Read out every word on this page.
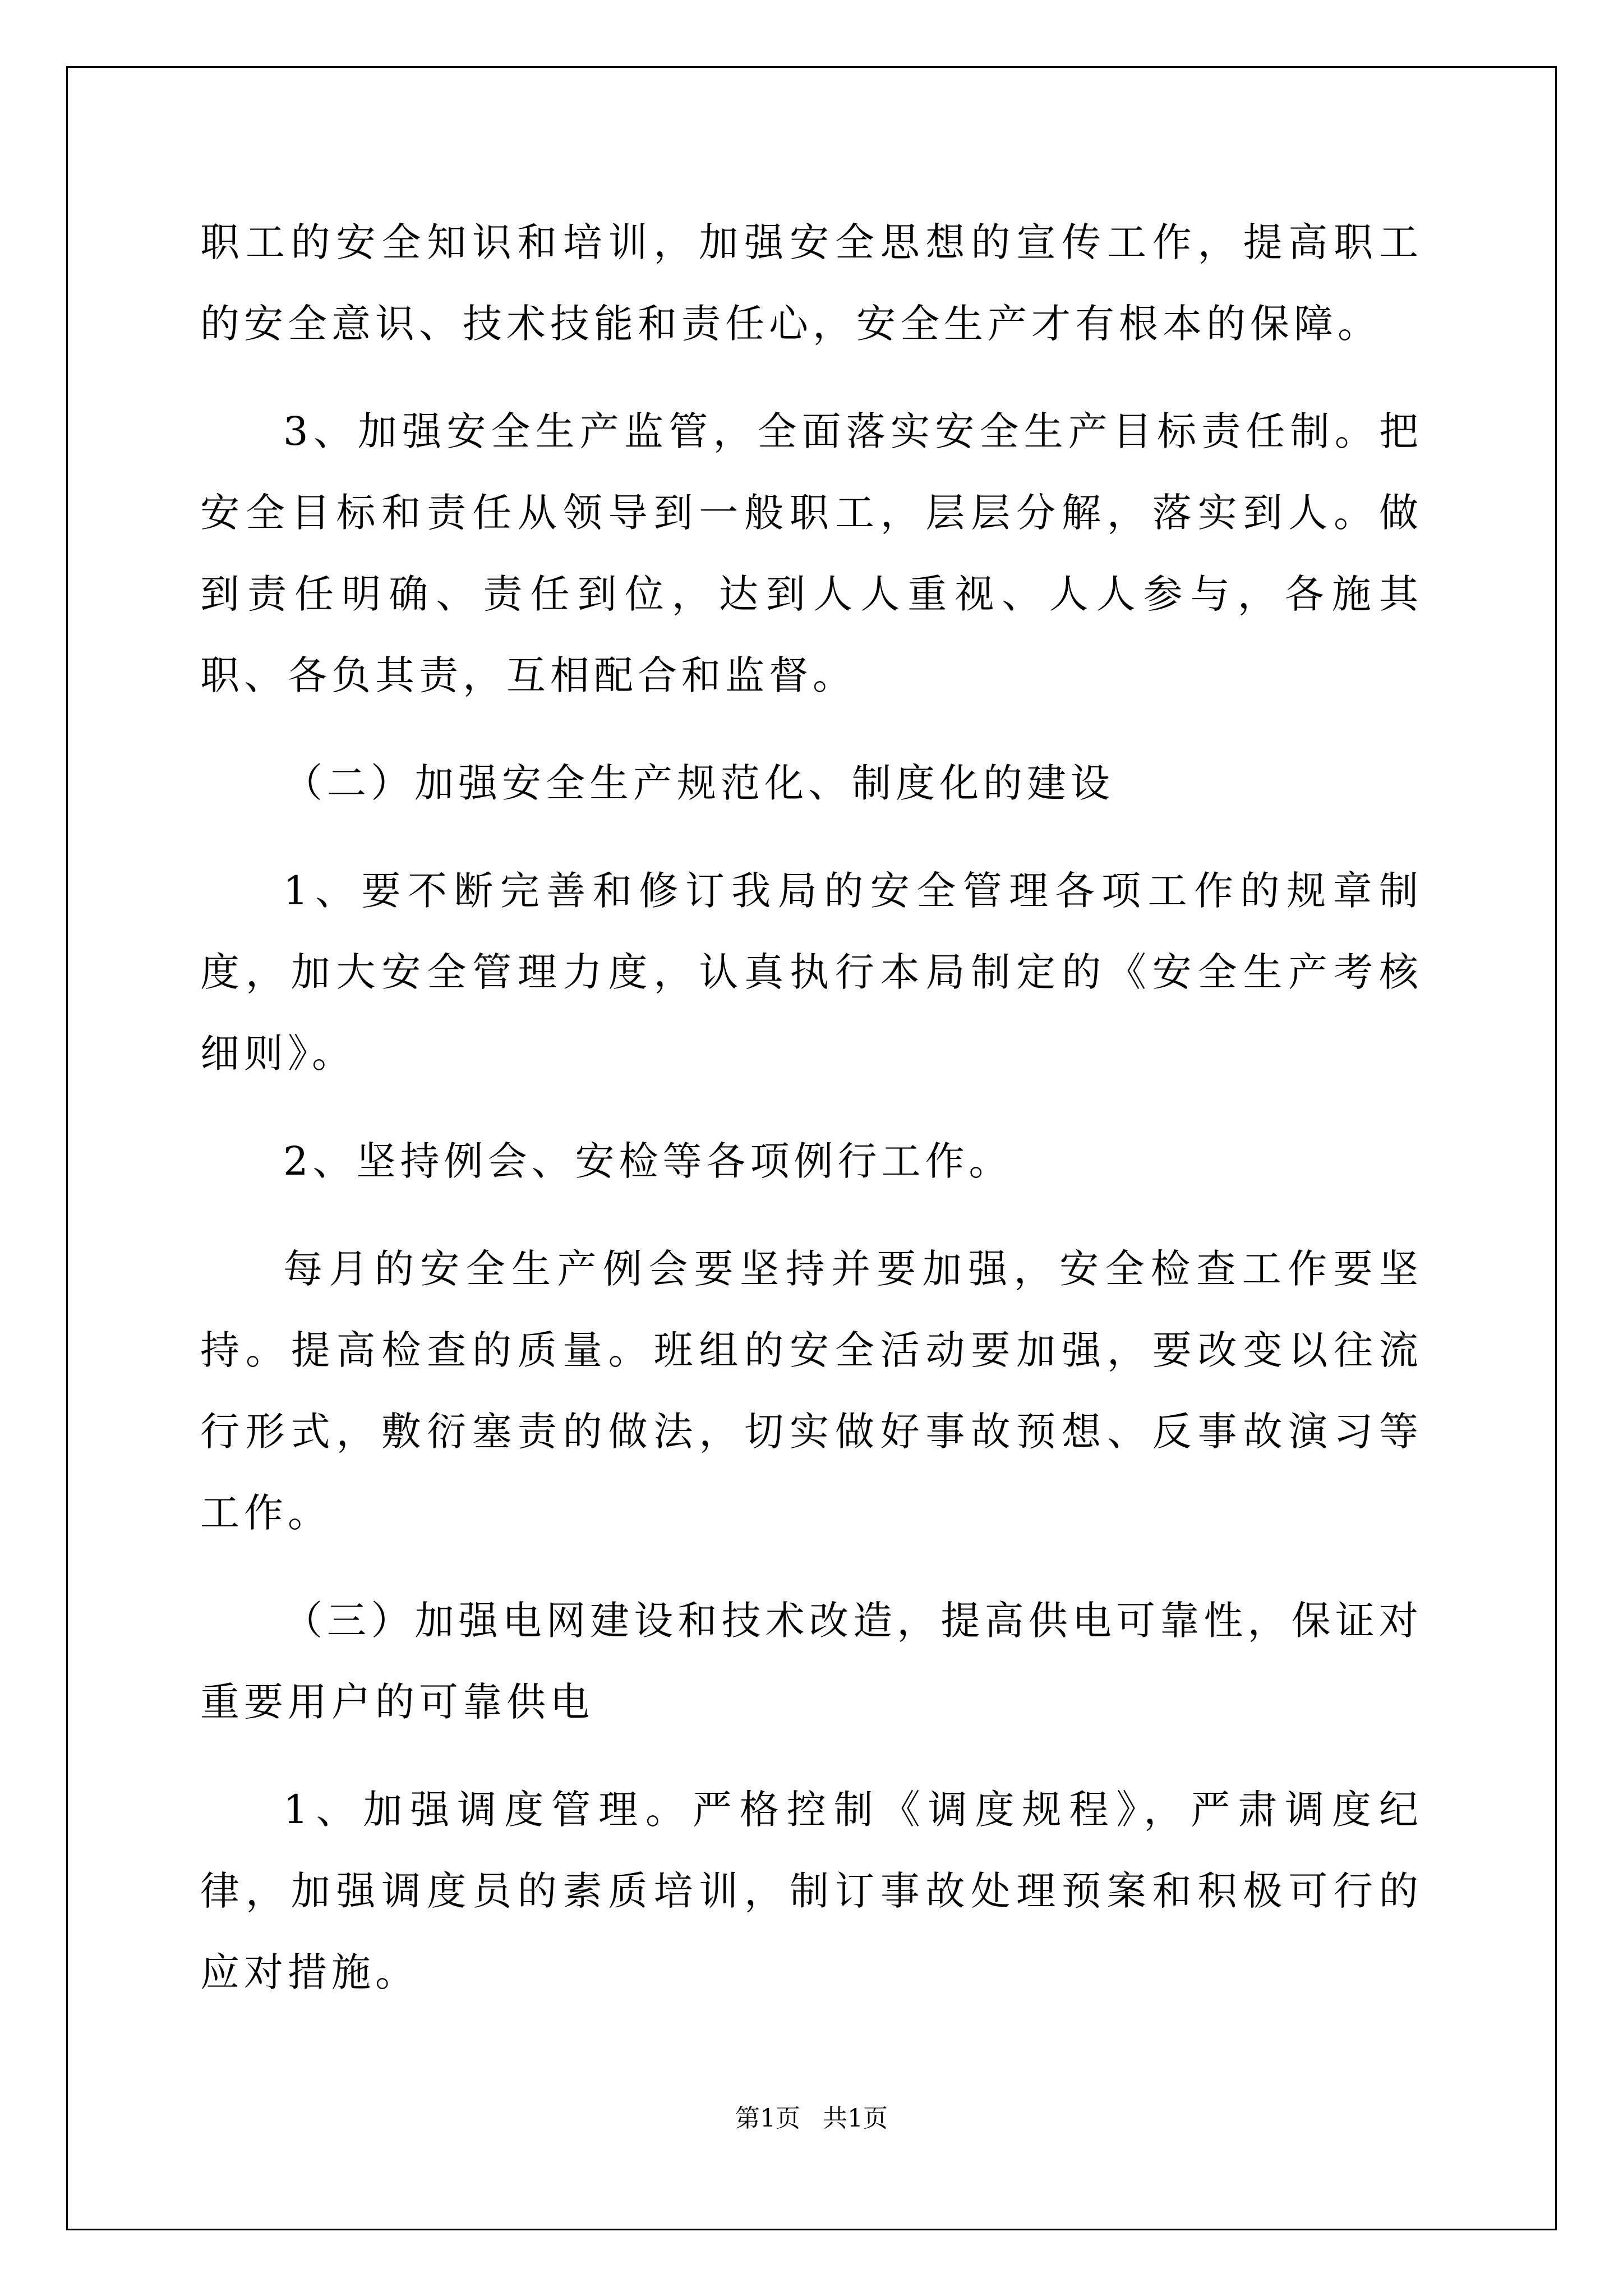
职工的安全知识和培训，加强安全思想的宣传工作，提高职工的安全意识、技术技能和责任心，安全生产才有根本的保障。

3、加强安全生产监管，全面落实安全生产目标责任制。把安全目标和责任从领导到一般职工，层层分解，落实到人。做到责任明确、责任到位，达到人人重视、人人参与，各施其职、各负其责，互相配合和监督。

（二）加强安全生产规范化、制度化的建设

1、要不断完善和修订我局的安全管理各项工作的规章制度，加大安全管理力度，认真执行本局制定的《安全生产考核细则》。

2、坚持例会、安检等各项例行工作。

每月的安全生产例会要坚持并要加强，安全检查工作要坚持。提高检查的质量。班组的安全活动要加强，要改变以往流行形式，敷衍塞责的做法，切实做好事故预想、反事故演习等工作。

（三）加强电网建设和技术改造，提高供电可靠性，保证对重要用户的可靠供电

1、加强调度管理。严格控制《调度规程》，严肃调度纪律，加强调度员的素质培训，制订事故处理预案和积极可行的应对措施。

第1页 共1页
